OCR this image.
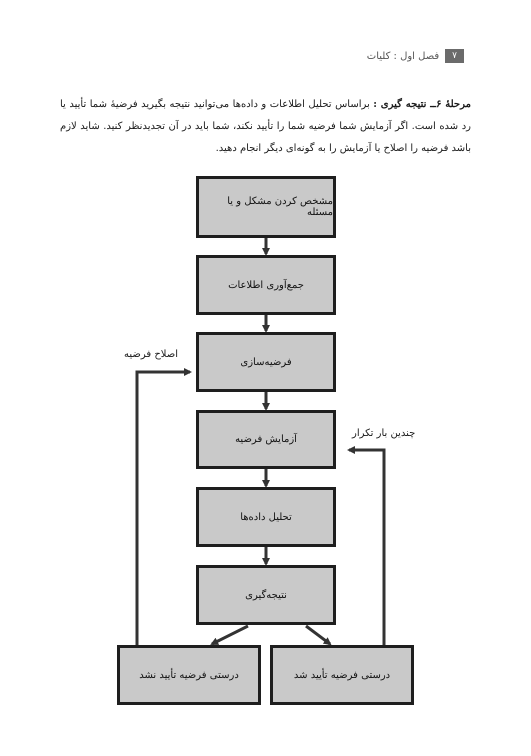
۷
فصل اول : کلیات
مرحلهٔ ۶ــ نتیجه گیری : براساس تحلیل اطلاعات و داده‌ها می‌توانید نتیجه بگیرید فرضیهٔ شما تأیید یا رد شده است. اگر آزمایش شما فرضیه شما را تأیید نکند، شما باید در آن تجدیدنظر کنید. شاید لازم باشد فرضیه را اصلاح یا آزمایش را به گونه‌ای دیگر انجام دهید.
مشخص کردن مشکل و یا مسئله
جمع‌آوری اطلاعات
فرضیه‌سازی
آزمایش فرضیه
تحلیل داده‌ها
نتیجه‌گیری
درستی فرضیه تأیید نشد	درستی فرضیه تأیید شد
اصلاح فرضیه
چندین بار تکرار
